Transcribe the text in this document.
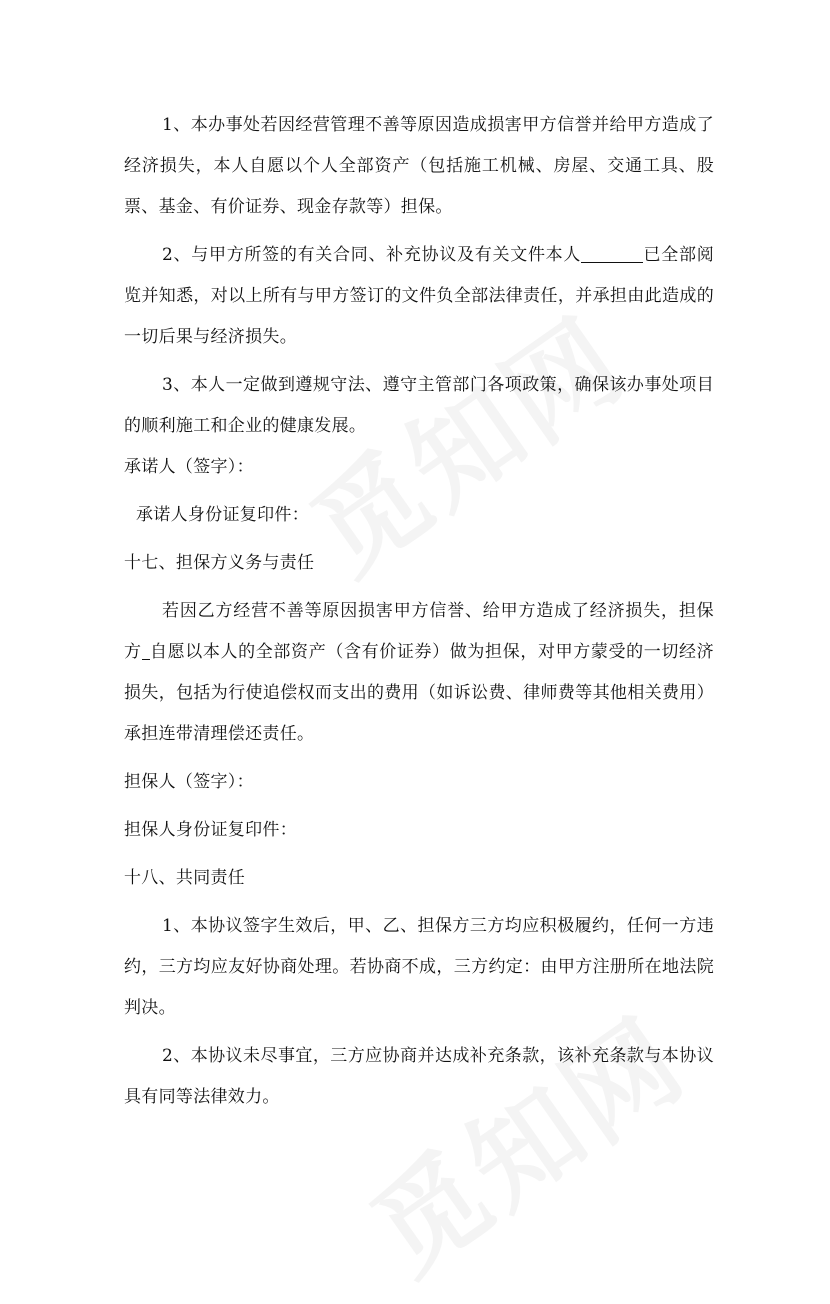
1、本办事处若因经营管理不善等原因造成损害甲方信誉并给甲方造成了经济损失，本人自愿以个人全部资产（包括施工机械、房屋、交通工具、股票、基金、有价证券、现金存款等）担保。

2、与甲方所签的有关合同、补充协议及有关文件本人	已全部阅览并知悉，对以上所有与甲方签订的文件负全部法律责任，并承担由此造成的一切后果与经济损失。

3、本人一定做到遵规守法、遵守主管部门各项政策，确保该办事处项目的顺利施工和企业的健康发展。

承诺人（签字）：

承诺人身份证复印件：

十七、担保方义务与责任

若因乙方经营不善等原因损害甲方信誉、给甲方造成了经济损失，担保方 自愿以本人的全部资产（含有价证券）做为担保，对甲方蒙受的一切经济损失，包括为行使追偿权而支出的费用（如诉讼费、律师费等其他相关费用）承担连带清理偿还责任。

担保人（签字）：

担保人身份证复印件：

十八、共同责任

1、本协议签字生效后，甲、乙、担保方三方均应积极履约，任何一方违约，三方均应友好协商处理。若协商不成，三方约定：由甲方注册所在地法院判决。

2、本协议未尽事宜，三方应协商并达成补充条款，该补充条款与本协议具有同等法律效力。
